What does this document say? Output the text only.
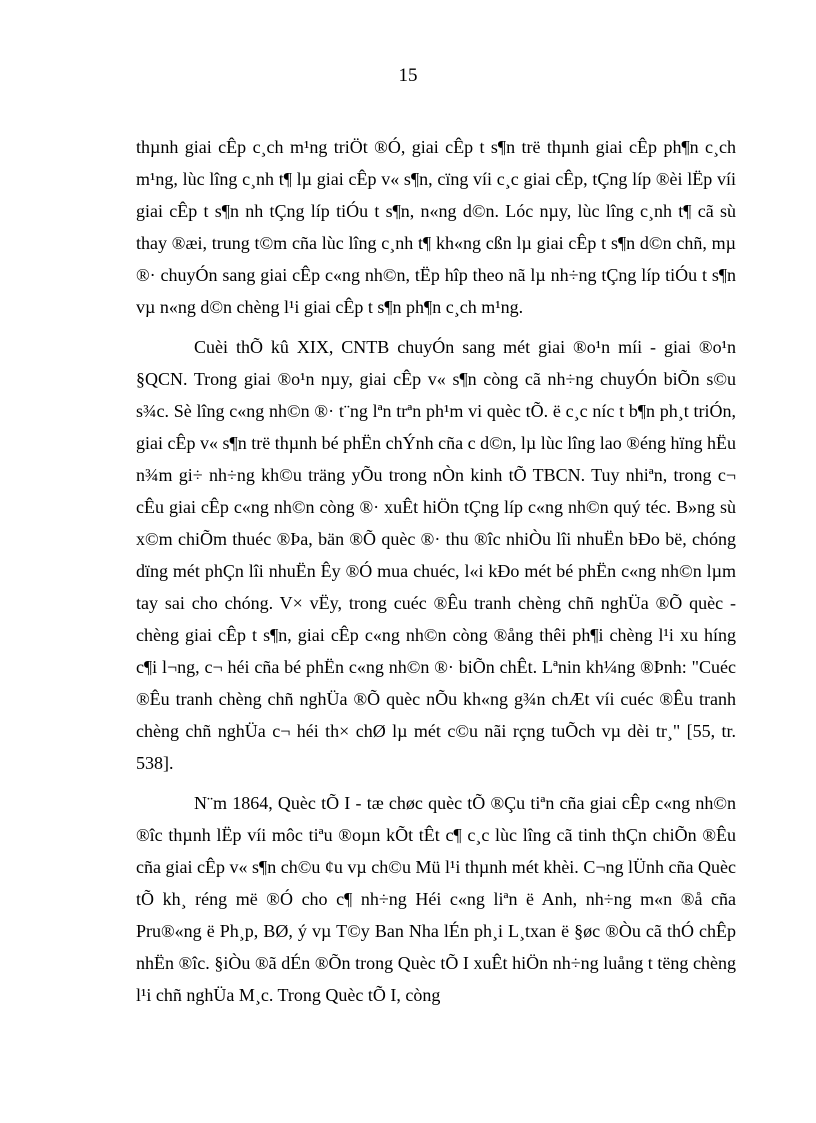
15

thµnh giai cÊp c¸ch m¹ng triÖt ®Ó, giai cÊp t s¶n trë thµnh giai cÊp ph¶n c¸ch m¹ng, lùc lîng c¸nh t¶ lµ giai cÊp v« s¶n, cïng víi c¸c giai cÊp, tÇng líp ®èi lËp víi giai cÊp t s¶n nh tÇng líp tiÓu t s¶n, n«ng d©n. Lóc nµy, lùc lîng c¸nh t¶ cã sù thay ®æi, trung t©m cña lùc lîng c¸nh t¶ kh«ng cßn lµ giai cÊp t s¶n d©n chñ, mµ ®· chuyÓn sang giai cÊp c«ng nh©n, tËp hîp theo nã lµ nh÷ng tÇng líp tiÓu t s¶n vµ n«ng d©n chèng l¹i giai cÊp t s¶n ph¶n c¸ch m¹ng.

Cuèi thÕ kû XIX, CNTB chuyÓn sang mét giai ®o¹n míi - giai ®o¹n §QCN. Trong giai ®o¹n nµy, giai cÊp v« s¶n còng cã nh÷ng chuyÓn biÕn s©u s¾c. Sè lîng c«ng nh©n ®· t¨ng lªn trªn ph¹m vi quèc tÕ. ë c¸c níc t b¶n ph¸t triÓn, giai cÊp v« s¶n trë thµnh bé phËn chÝnh cña c d©n, lµ lùc lîng lao ®éng hïng hËu n¾m gi÷ nh÷ng kh©u träng yÕu trong nÒn kinh tÕ TBCN. Tuy nhiªn, trong c¬ cÊu giai cÊp c«ng nh©n còng ®· xuÊt hiÖn tÇng líp c«ng nh©n quý téc. B»ng sù x©m chiÕm thuéc ®Þa, bän ®Õ quèc ®· thu ®îc nhiÒu lîi nhuËn bÐo bë, chóng dïng mét phÇn lîi nhuËn Êy ®Ó mua chuéc, l«i kÐo mét bé phËn c«ng nh©n lµm tay sai cho chóng. V× vËy, trong cuéc ®Êu tranh chèng chñ nghÜa ®Õ quèc - chèng giai cÊp t s¶n, giai cÊp c«ng nh©n còng ®ång thêi ph¶i chèng l¹i xu híng c¶i l¬ng, c¬ héi cña bé phËn c«ng nh©n ®· biÕn chÊt. Lªnin kh¼ng ®Þnh: "Cuéc ®Êu tranh chèng chñ nghÜa ®Õ quèc nÕu kh«ng g¾n chÆt víi cuéc ®Êu tranh chèng chñ nghÜa c¬ héi th× chØ lµ mét c©u nãi rçng tuÕch vµ dèi tr¸" [55, tr. 538].

N¨m 1864, Quèc tÕ I - tæ chøc quèc tÕ ®Çu tiªn cña giai cÊp c«ng nh©n ®îc thµnh lËp víi môc tiªu ®oµn kÕt tÊt c¶ c¸c lùc lîng cã tinh thÇn chiÕn ®Êu cña giai cÊp v« s¶n ch©u ¢u vµ ch©u Mü l¹i thµnh mét khèi. C¬ng lÜnh cña Quèc tÕ kh¸ réng më ®Ó cho c¶ nh÷ng Héi c«ng liªn ë Anh, nh÷ng m«n ®å cña Pru®«ng ë Ph¸p, BØ, ý vµ T©y Ban Nha lÉn ph¸i L¸txan ë §øc ®Òu cã thÓ chÊp nhËn ®îc. §iÒu ®ã dÉn ®Õn trong Quèc tÕ I xuÊt hiÖn nh÷ng luång t tëng chèng l¹i chñ nghÜa M¸c. Trong Quèc tÕ I, còng
